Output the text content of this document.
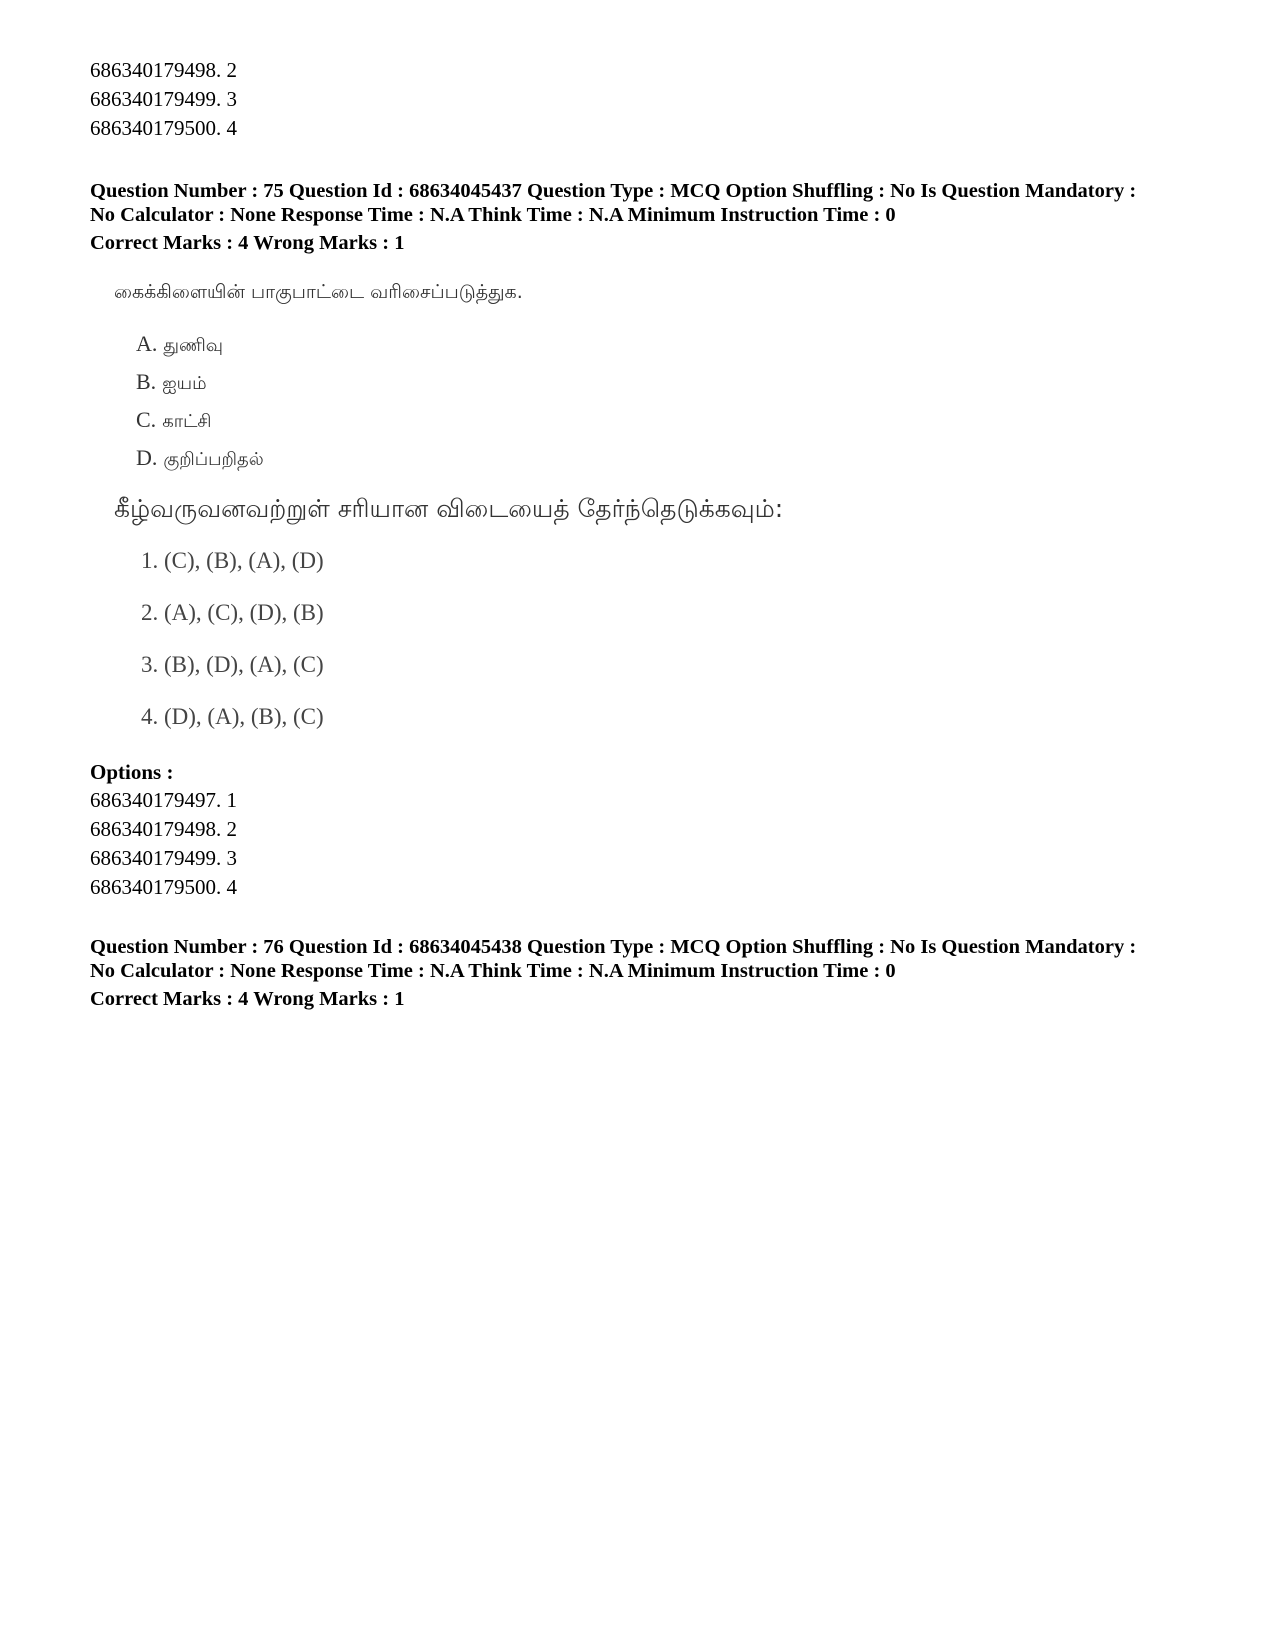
686340179498. 2
686340179499. 3
686340179500. 4
Question Number : 75 Question Id : 68634045437 Question Type : MCQ Option Shuffling : No Is Question Mandatory :
No Calculator : None Response Time : N.A Think Time : N.A Minimum Instruction Time : 0
Correct Marks : 4 Wrong Marks : 1
கைக்கிளையின் பாகுபாட்டை வரிசைப்படுத்துக.
A. துணிவு
B. ஐயம்
C. காட்சி
D. குறிப்பறிதல்
கீழ்வருவனவற்றுள் சரியான விடையைத் தேர்ந்தெடுக்கவும்:
1. (C), (B), (A), (D)
2. (A), (C), (D), (B)
3. (B), (D), (A), (C)
4. (D), (A), (B), (C)
Options :
686340179497. 1
686340179498. 2
686340179499. 3
686340179500. 4
Question Number : 76 Question Id : 68634045438 Question Type : MCQ Option Shuffling : No Is Question Mandatory :
No Calculator : None Response Time : N.A Think Time : N.A Minimum Instruction Time : 0
Correct Marks : 4 Wrong Marks : 1
